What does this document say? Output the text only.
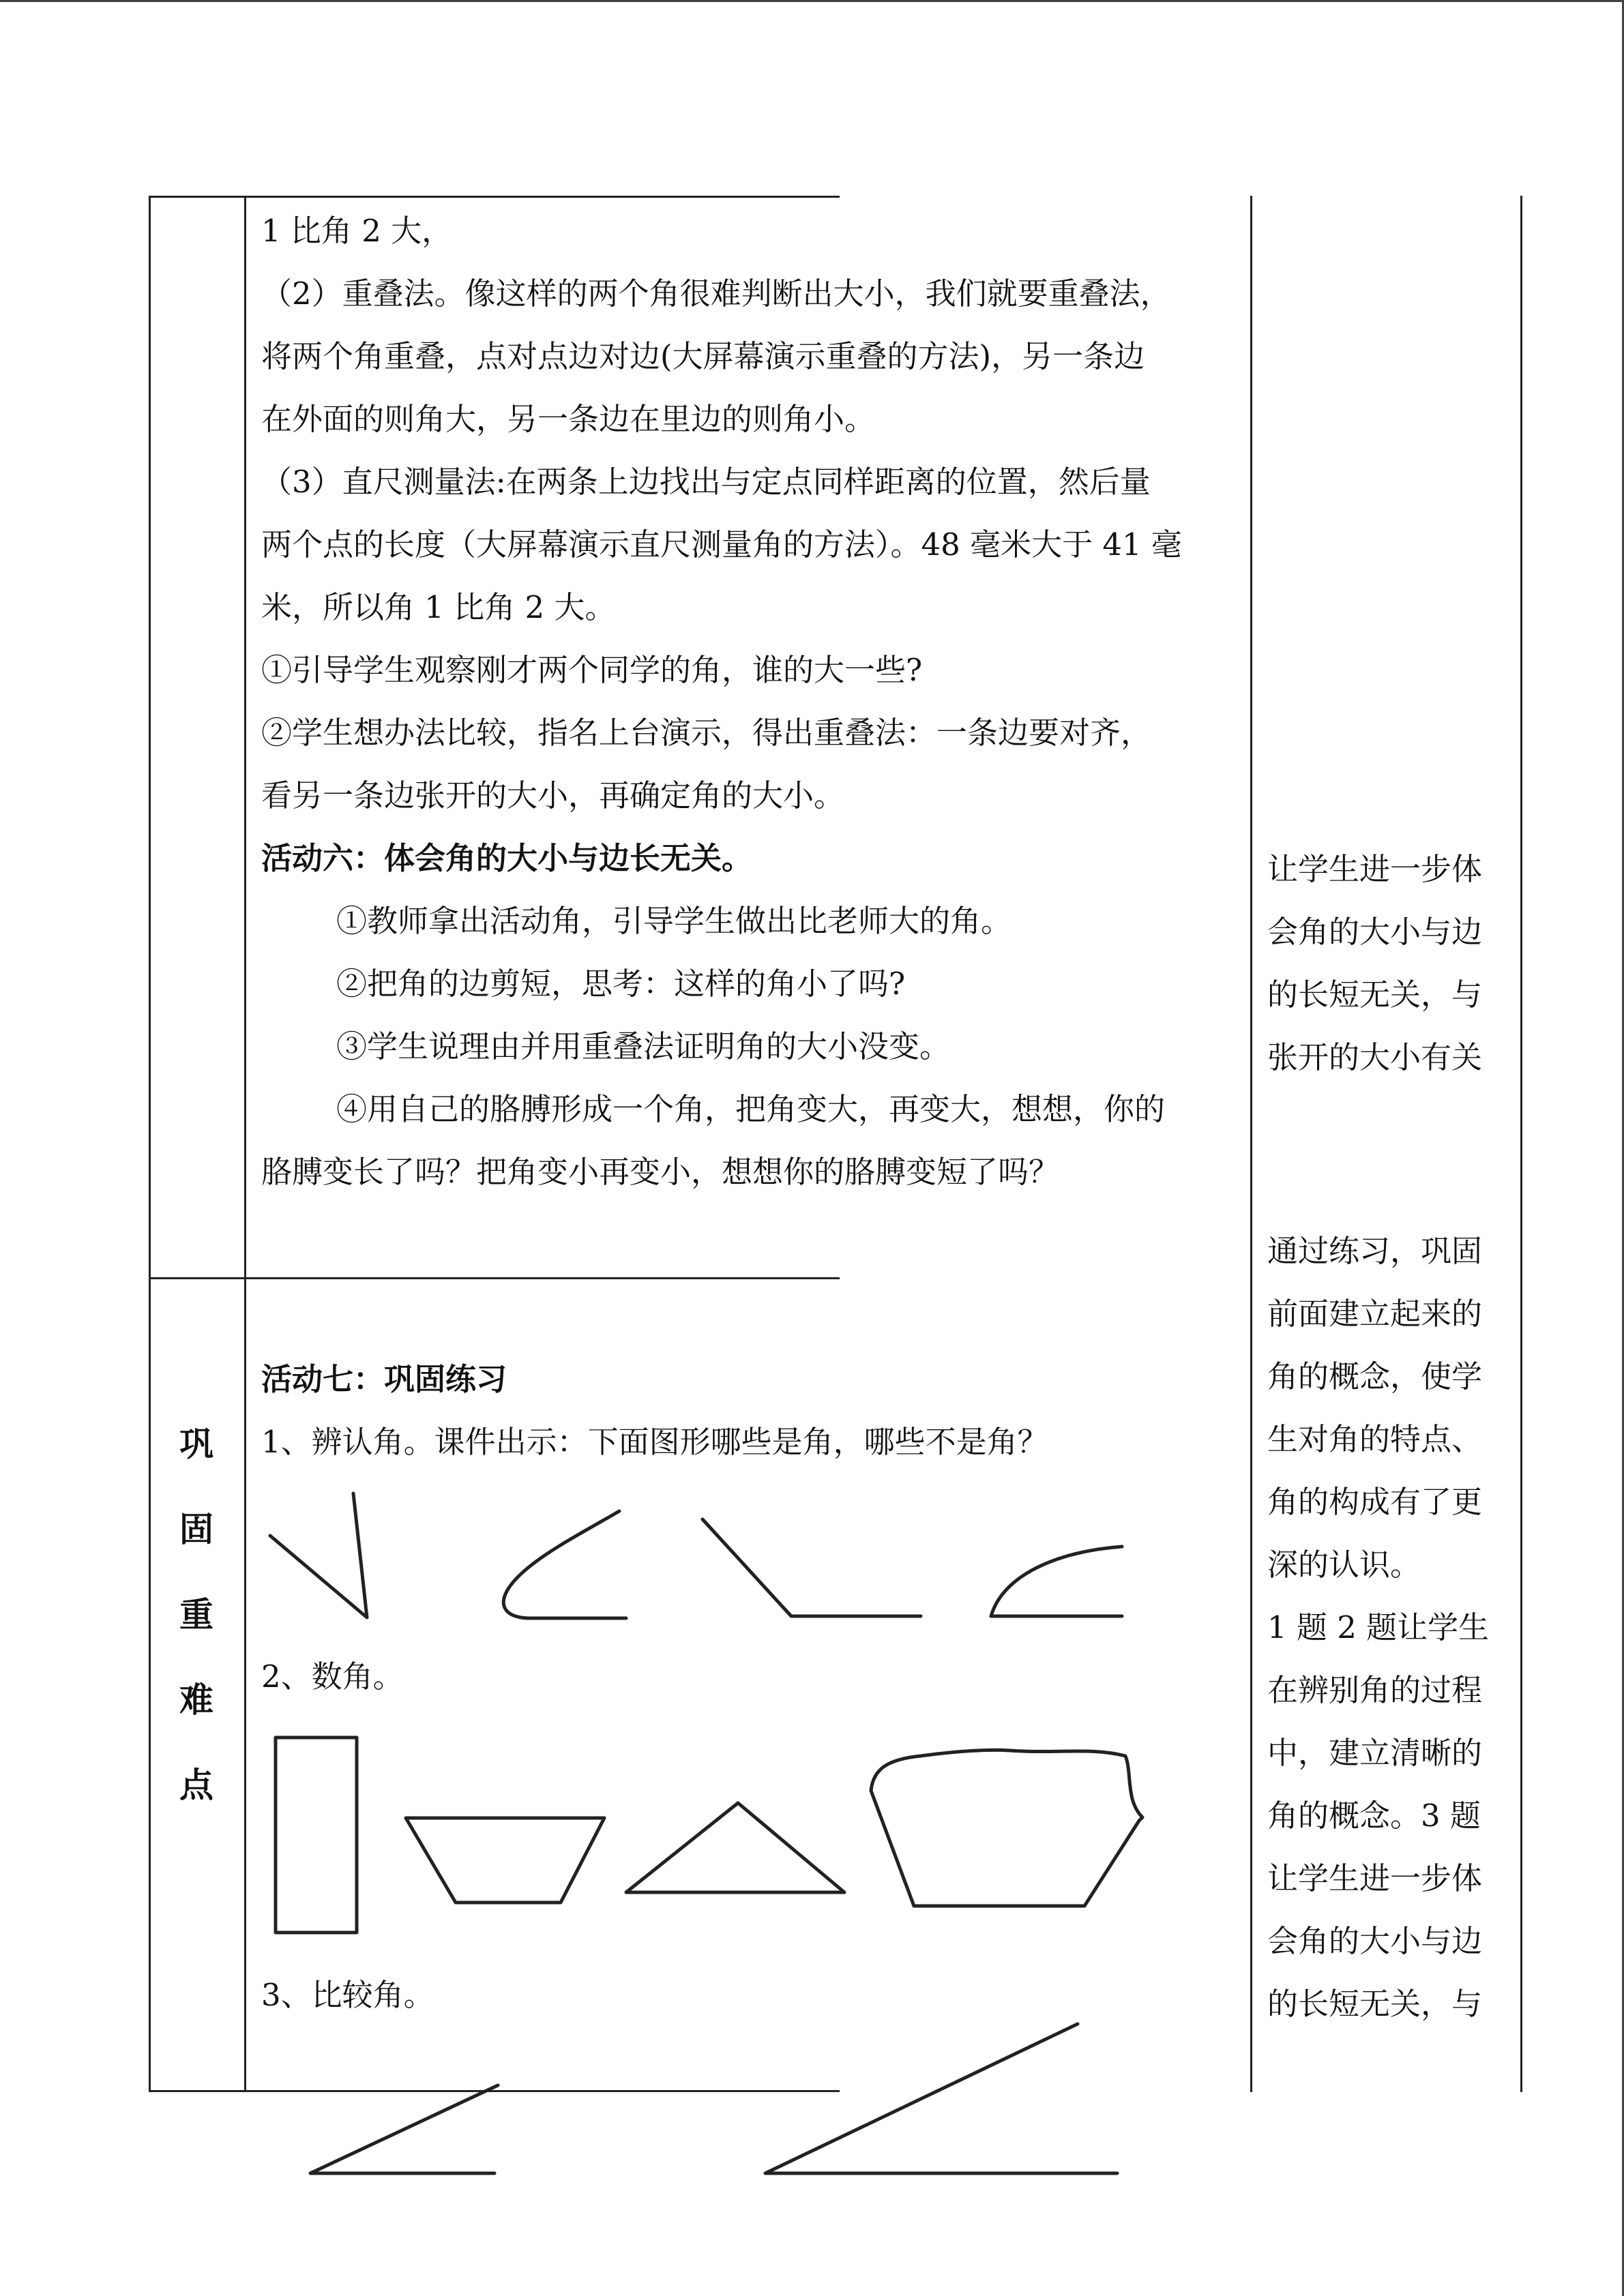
1 比角 2 大，
（2）重叠法。像这样的两个角很难判断出大小，我们就要重叠法，
将两个角重叠，点对点边对边(大屏幕演示重叠的方法)，另一条边
在外面的则角大，另一条边在里边的则角小。
（3）直尺测量法:在两条上边找出与定点同样距离的位置，然后量
两个点的长度（大屏幕演示直尺测量角的方法）。48 毫米大于 41 毫
米，所以角 1 比角 2 大。
①引导学生观察刚才两个同学的角，谁的大一些?
②学生想办法比较，指名上台演示，得出重叠法：一条边要对齐，
看另一条边张开的大小，再确定角的大小。
活动六：体会角的大小与边长无关。
①教师拿出活动角，引导学生做出比老师大的角。
②把角的边剪短，思考：这样的角小了吗?
③学生说理由并用重叠法证明角的大小没变。
④用自己的胳膊形成一个角，把角变大，再变大，想想，你的
胳膊变长了吗？把角变小再变小，想想你的胳膊变短了吗？
让学生进一步体
会角的大小与边
的长短无关，与
张开的大小有关
通过练习，巩固
巩
固
重
难
点
活动七：巩固练习
1、辨认角。课件出示：下面图形哪些是角，哪些不是角？
2、数角。
3、比较角。
前面建立起来的
角的概念，使学
生对角的特点、
角的构成有了更
深的认识。
1 题 2 题让学生
在辨别角的过程
中，建立清晰的
角的概念。3 题
让学生进一步体
会角的大小与边
的长短无关，与
